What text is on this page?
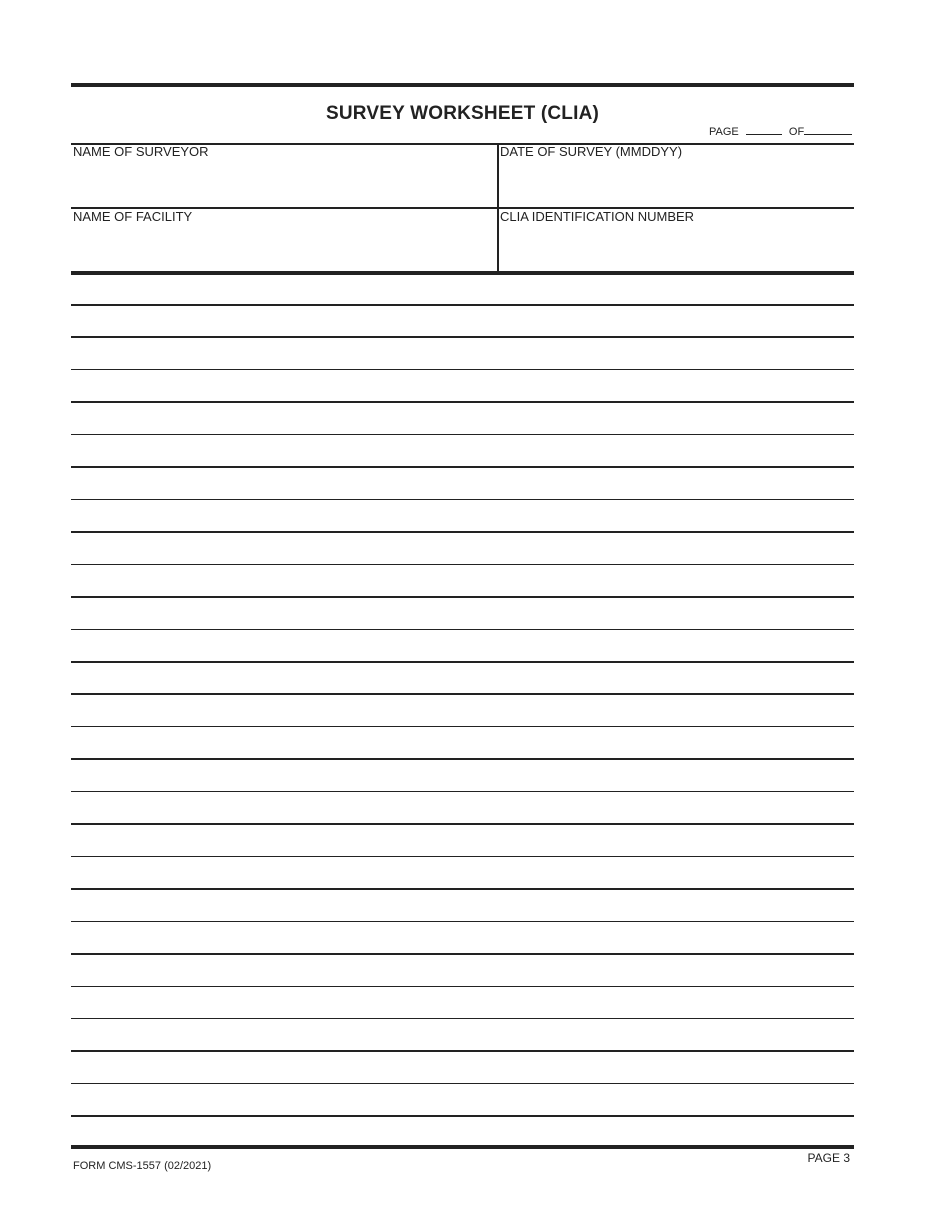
SURVEY WORKSHEET (CLIA)
PAGE	OF
NAME OF SURVEYOR	DATE OF SURVEY (MMDDYY)
NAME OF FACILITY	CLIA IDENTIFICATION NUMBER
PAGE 3
FORM CMS-1557 (02/2021)
